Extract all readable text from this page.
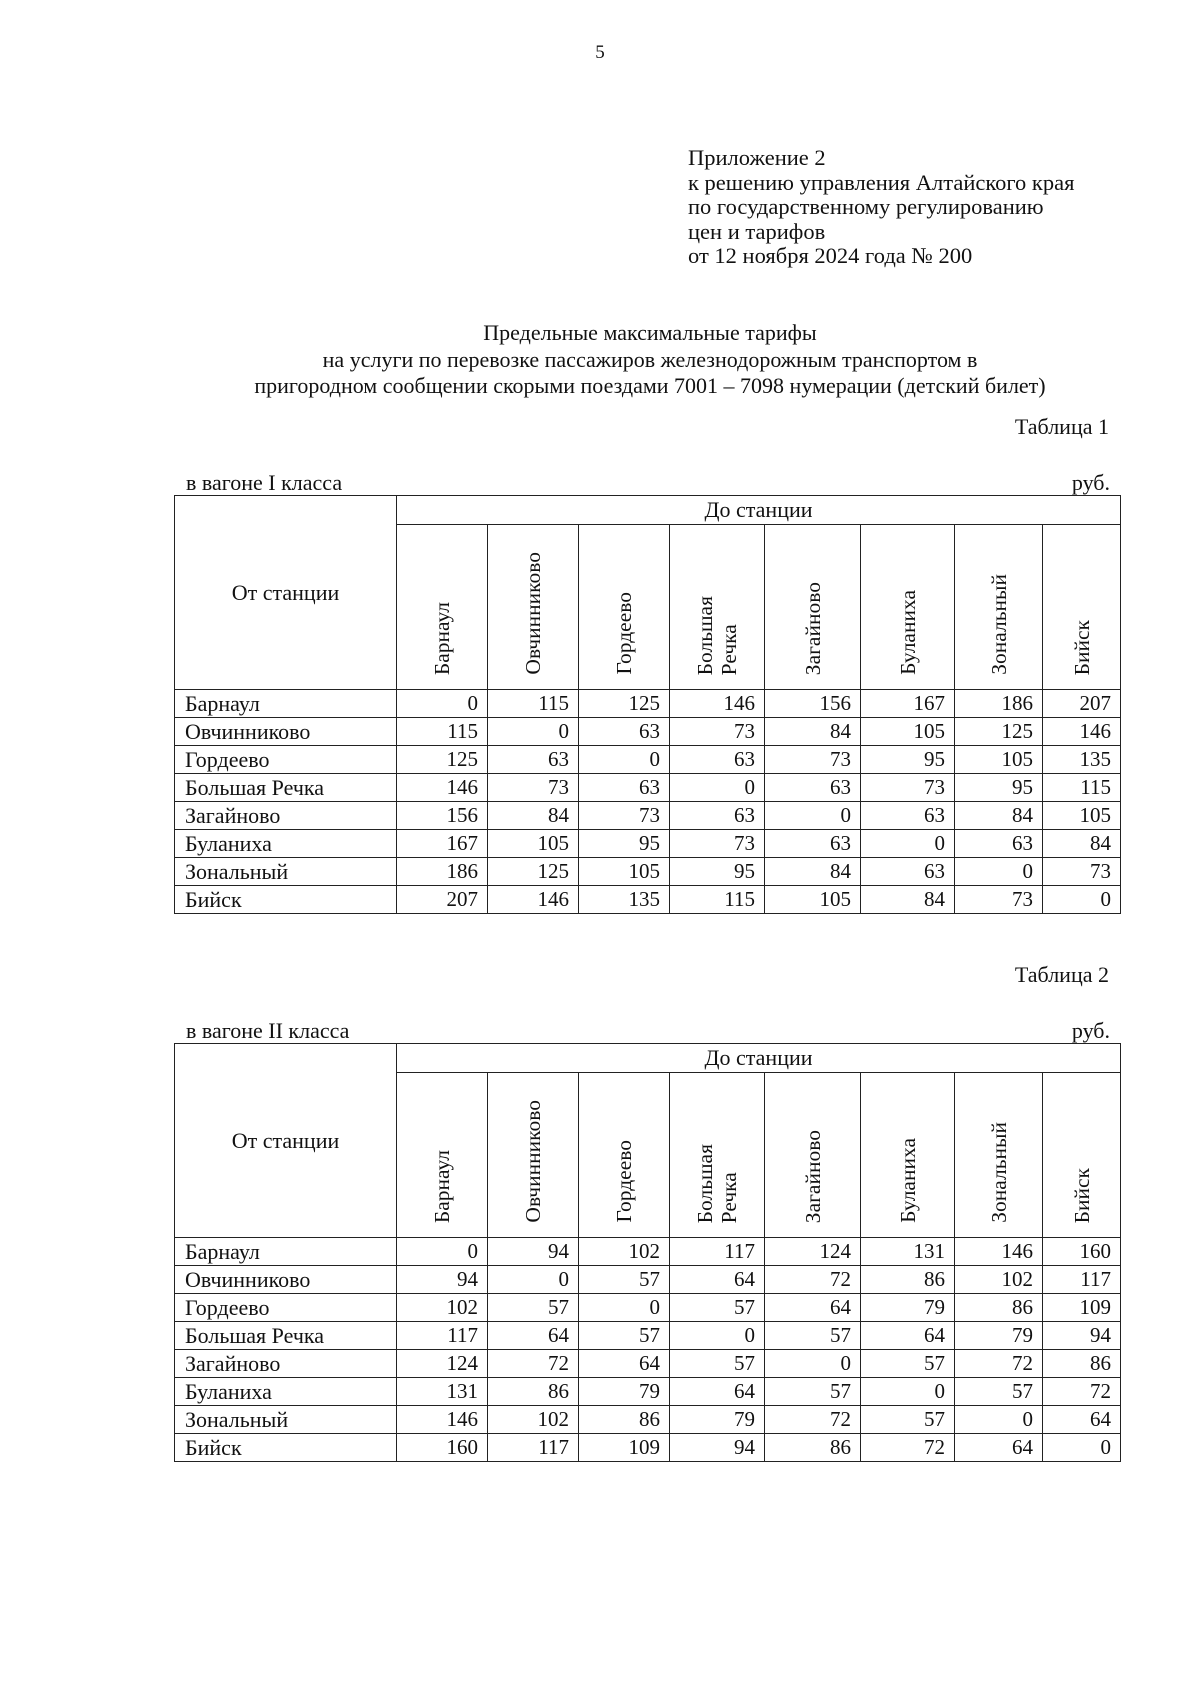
5
Приложение 2
к решению управления Алтайского края
по государственному регулированию
цен и тарифов
от 12 ноября 2024 года № 200
Предельные максимальные тарифы
на услуги по перевозке пассажиров железнодорожным транспортом в
пригородном сообщении скорыми поездами 7001 – 7098 нумерации (детский билет)
Таблица 1
в вагоне I класса	руб.
От станции	До станции							

	Барнаул	Овчинниково	Гордеево	Большая Речка	Загайново	Буланиха	Зональный	Бийск

Барнаул	0	115	125	146	156	167	186	207
Овчинниково	115	0	63	73	84	105	125	146
Гордеево	125	63	0	63	73	95	105	135
Большая Речка	146	73	63	0	63	73	95	115
Загайново	156	84	73	63	0	63	84	105
Буланиха	167	105	95	73	63	0	63	84
Зональный	186	125	105	95	84	63	0	73
Бийск	207	146	135	115	105	84	73	0
Таблица 2
в вагоне II класса	руб.
От станции	До станции							

	Барнаул	Овчинниково	Гордеево	Большая Речка	Загайново	Буланиха	Зональный	Бийск

Барнаул	0	94	102	117	124	131	146	160
Овчинниково	94	0	57	64	72	86	102	117
Гордеево	102	57	0	57	64	79	86	109
Большая Речка	117	64	57	0	57	64	79	94
Загайново	124	72	64	57	0	57	72	86
Буланиха	131	86	79	64	57	0	57	72
Зональный	146	102	86	79	72	57	0	64
Бийск	160	117	109	94	86	72	64	0
